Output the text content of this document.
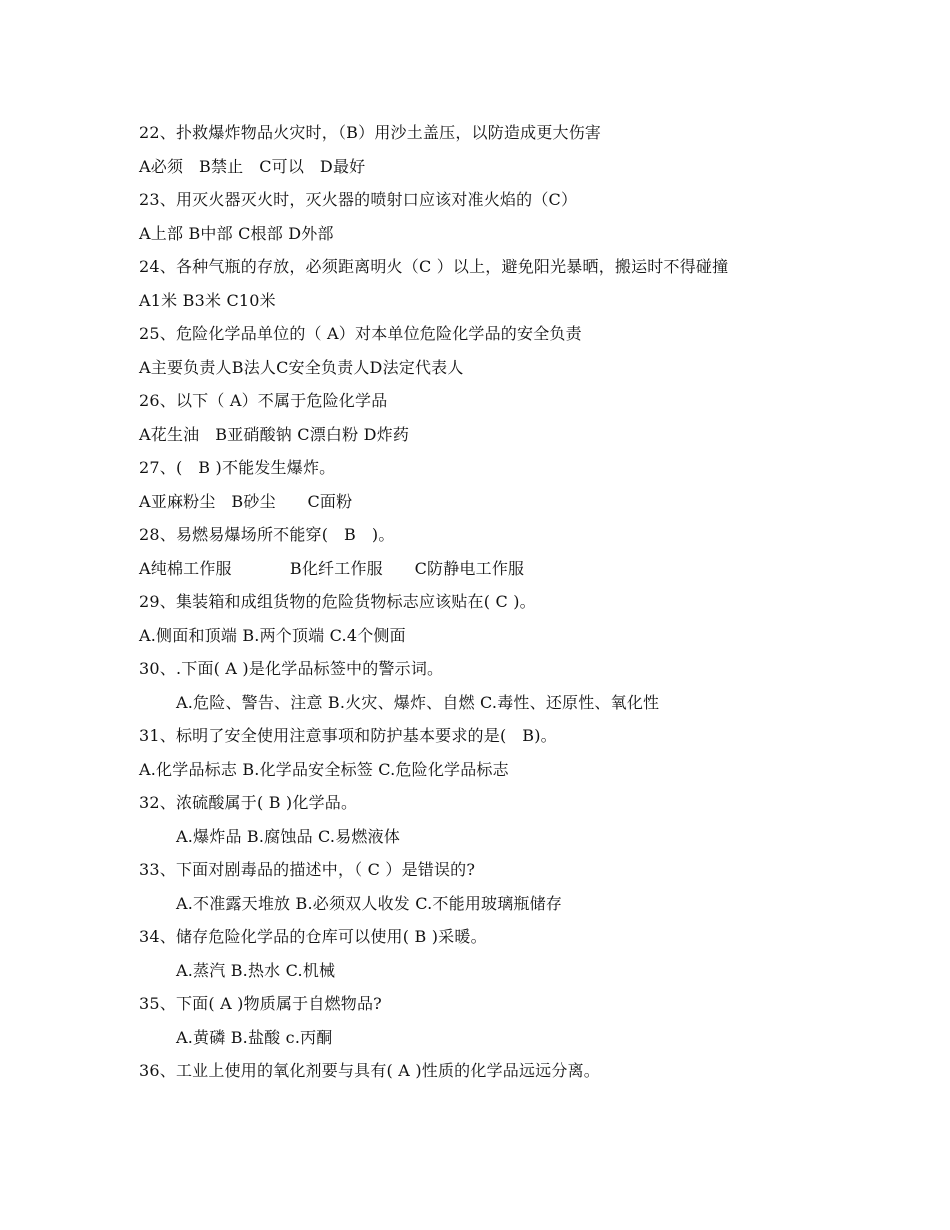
22、扑救爆炸物品火灾时，（B）用沙土盖压，以防造成更大伤害
A必须   B禁止   C可以   D最好
23、用灭火器灭火时，灭火器的喷射口应该对准火焰的（C）
A上部 B中部 C根部 D外部
24、各种气瓶的存放，必须距离明火（C ）以上，避免阳光暴晒，搬运时不得碰撞
A1米 B3米 C10米
25、危险化学品单位的（ A）对本单位危险化学品的安全负责
A主要负责人B法人C安全负责人D法定代表人
26、以下（ A）不属于危险化学品
A花生油   B亚硝酸钠 C漂白粉 D炸药
27、(   B )不能发生爆炸。
A亚麻粉尘   B砂尘      C面粉
28、易燃易爆场所不能穿(   B   )。
A纯棉工作服           B化纤工作服      C防静电工作服
29、集装箱和成组货物的危险货物标志应该贴在( C )。
A.侧面和顶端 B.两个顶端 C.4个侧面
30、.下面( A )是化学品标签中的警示词。
A.危险、警告、注意 B.火灾、爆炸、自燃 C.毒性、还原性、氧化性
31、标明了安全使用注意事项和防护基本要求的是(   B)。
A.化学品标志 B.化学品安全标签 C.危险化学品标志
32、浓硫酸属于( B )化学品。
A.爆炸品 B.腐蚀品 C.易燃液体
33、下面对剧毒品的描述中，（ C ）是错误的?
A.不准露天堆放 B.必须双人收发 C.不能用玻璃瓶储存
34、储存危险化学品的仓库可以使用( B )采暖。
A.蒸汽 B.热水 C.机械
35、下面( A )物质属于自燃物品?
A.黄磷 B.盐酸 c.丙酮
36、工业上使用的氧化剂要与具有( A )性质的化学品远远分离。
